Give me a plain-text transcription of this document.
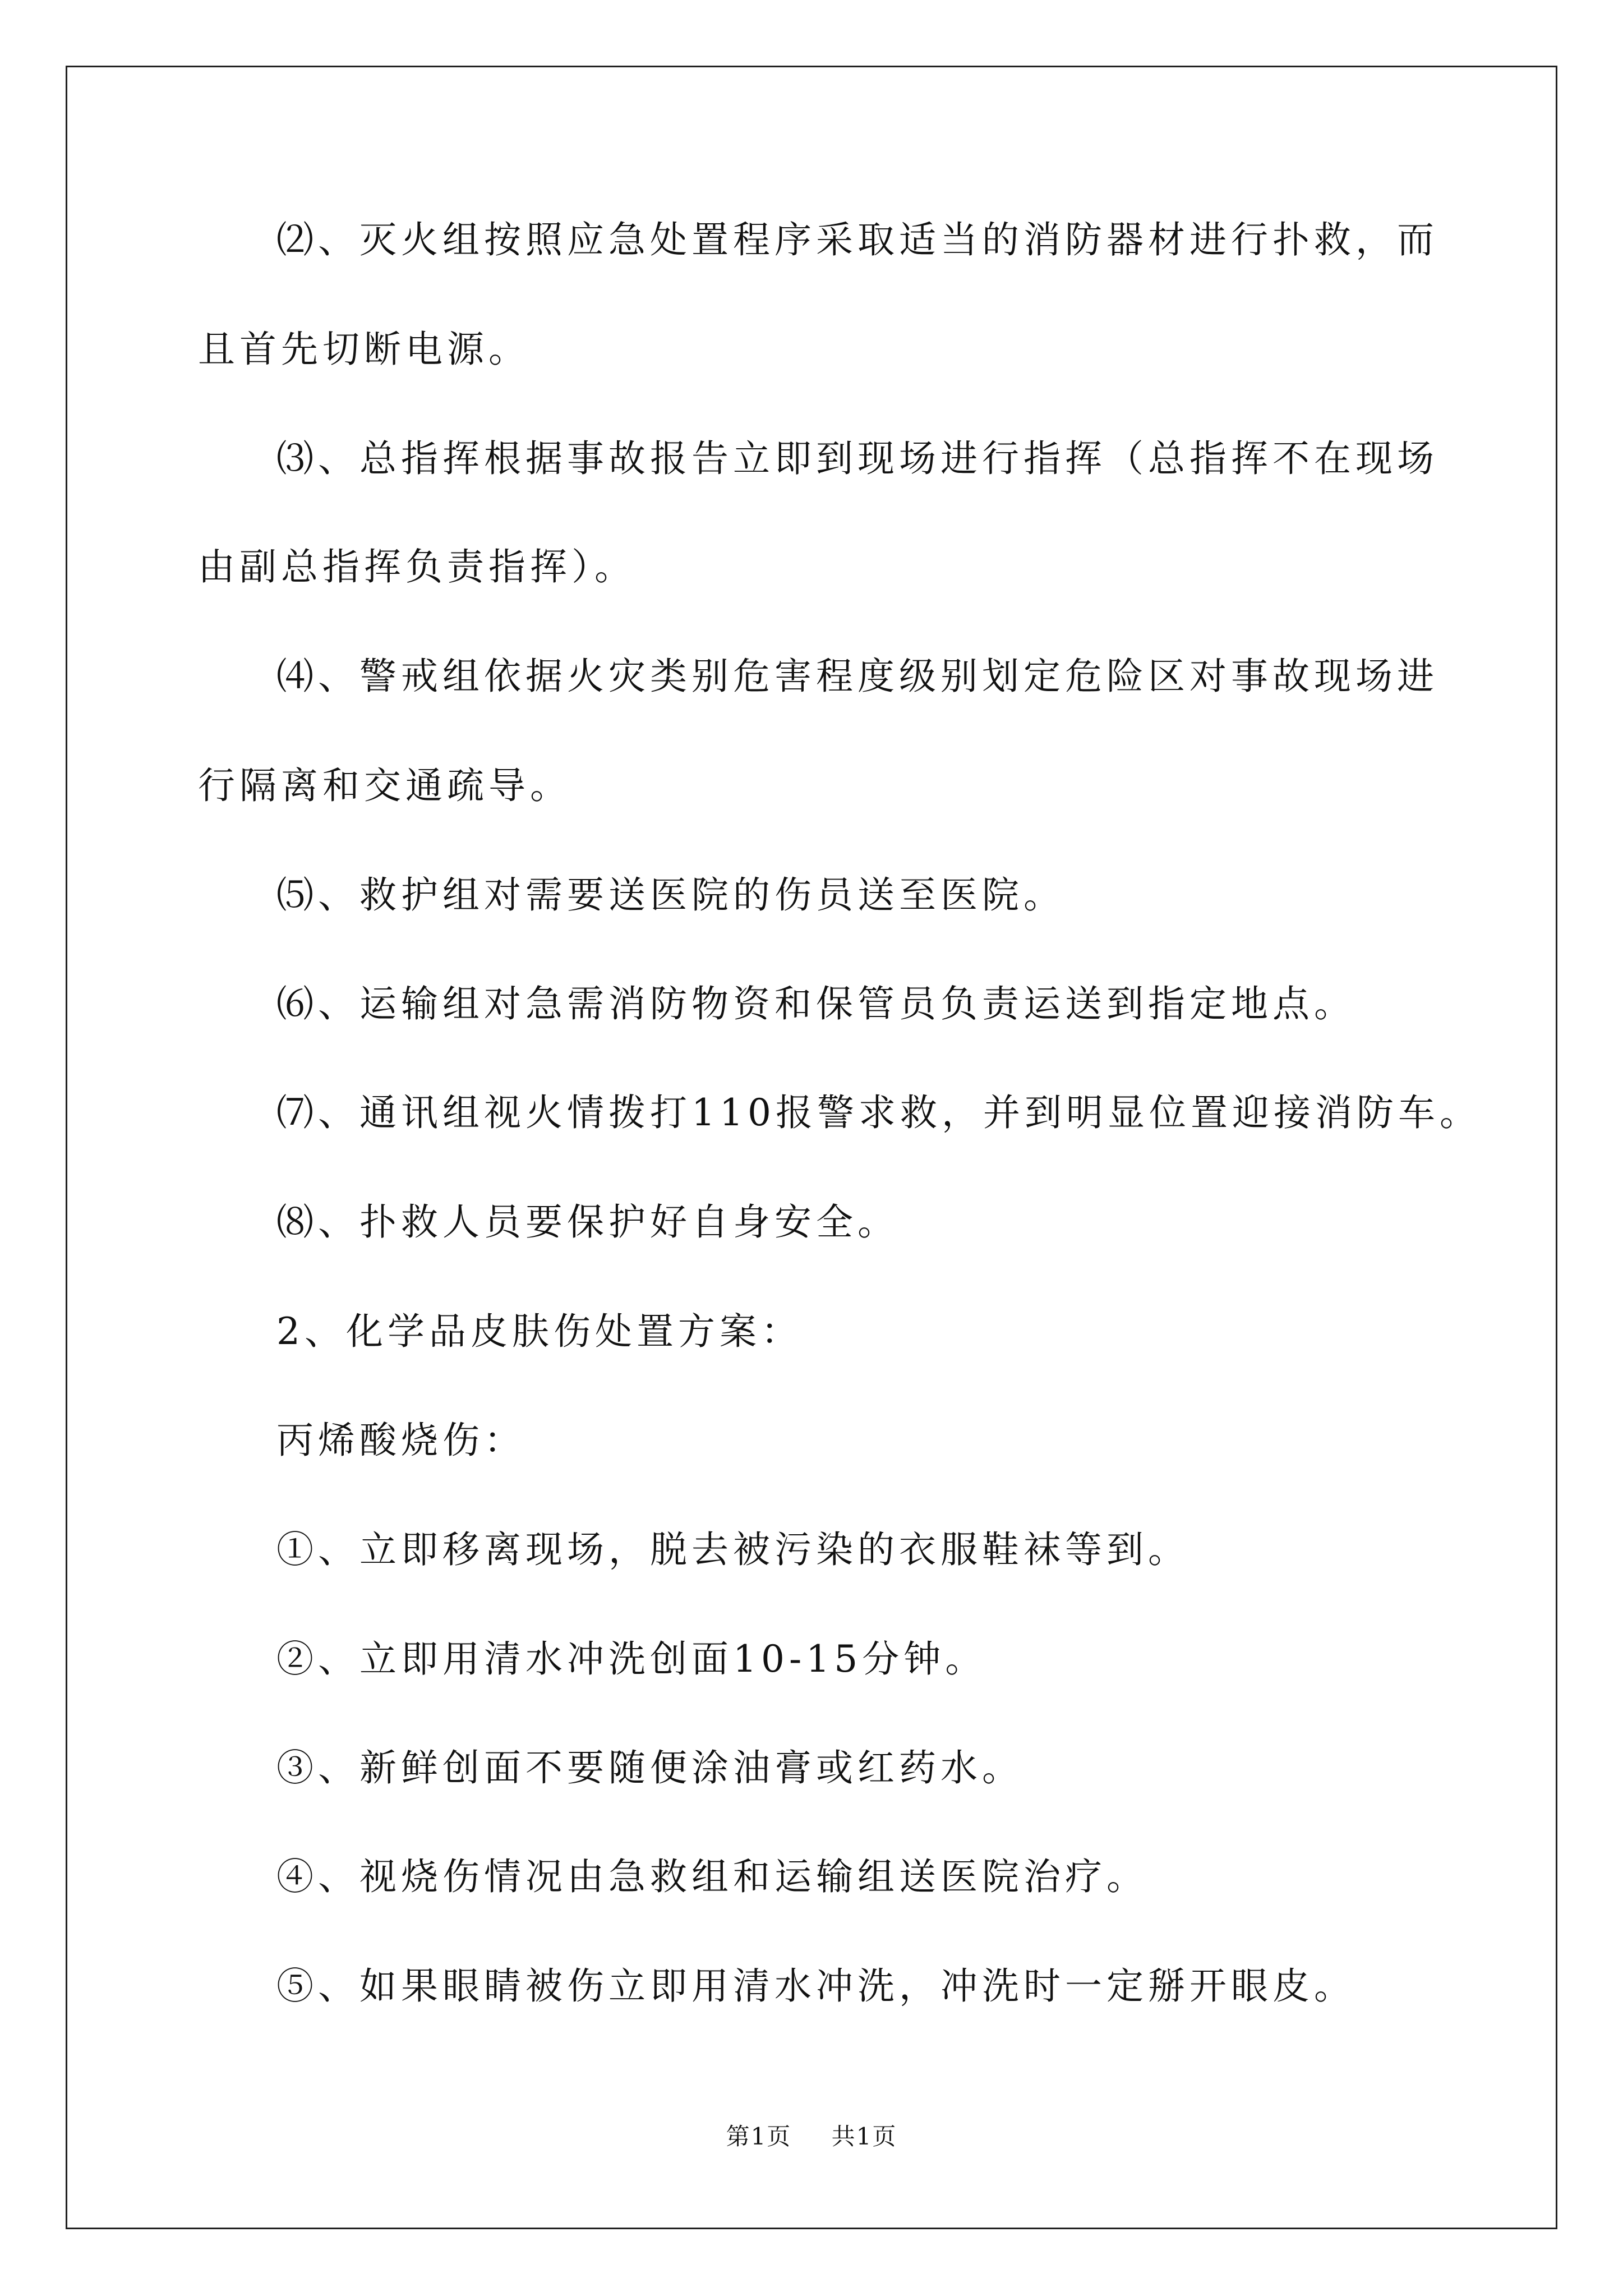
⑵、灭火组按照应急处置程序采取适当的消防器材进行扑救，而
且首先切断电源。
⑶、总指挥根据事故报告立即到现场进行指挥（总指挥不在现场
由副总指挥负责指挥）。
⑷、警戒组依据火灾类别危害程度级别划定危险区对事故现场进
行隔离和交通疏导。
⑸、救护组对需要送医院的伤员送至医院。
⑹、运输组对急需消防物资和保管员负责运送到指定地点。
⑺、通讯组视火情拨打110报警求救，并到明显位置迎接消防车。
⑻、扑救人员要保护好自身安全。
2、化学品皮肤伤处置方案：
丙烯酸烧伤：
①、立即移离现场，脱去被污染的衣服鞋袜等到。
②、立即用清水冲洗创面10-15分钟。
③、新鲜创面不要随便涂油膏或红药水。
④、视烧伤情况由急救组和运输组送医院治疗。
⑤、如果眼睛被伤立即用清水冲洗，冲洗时一定掰开眼皮。
第1页 共1页
